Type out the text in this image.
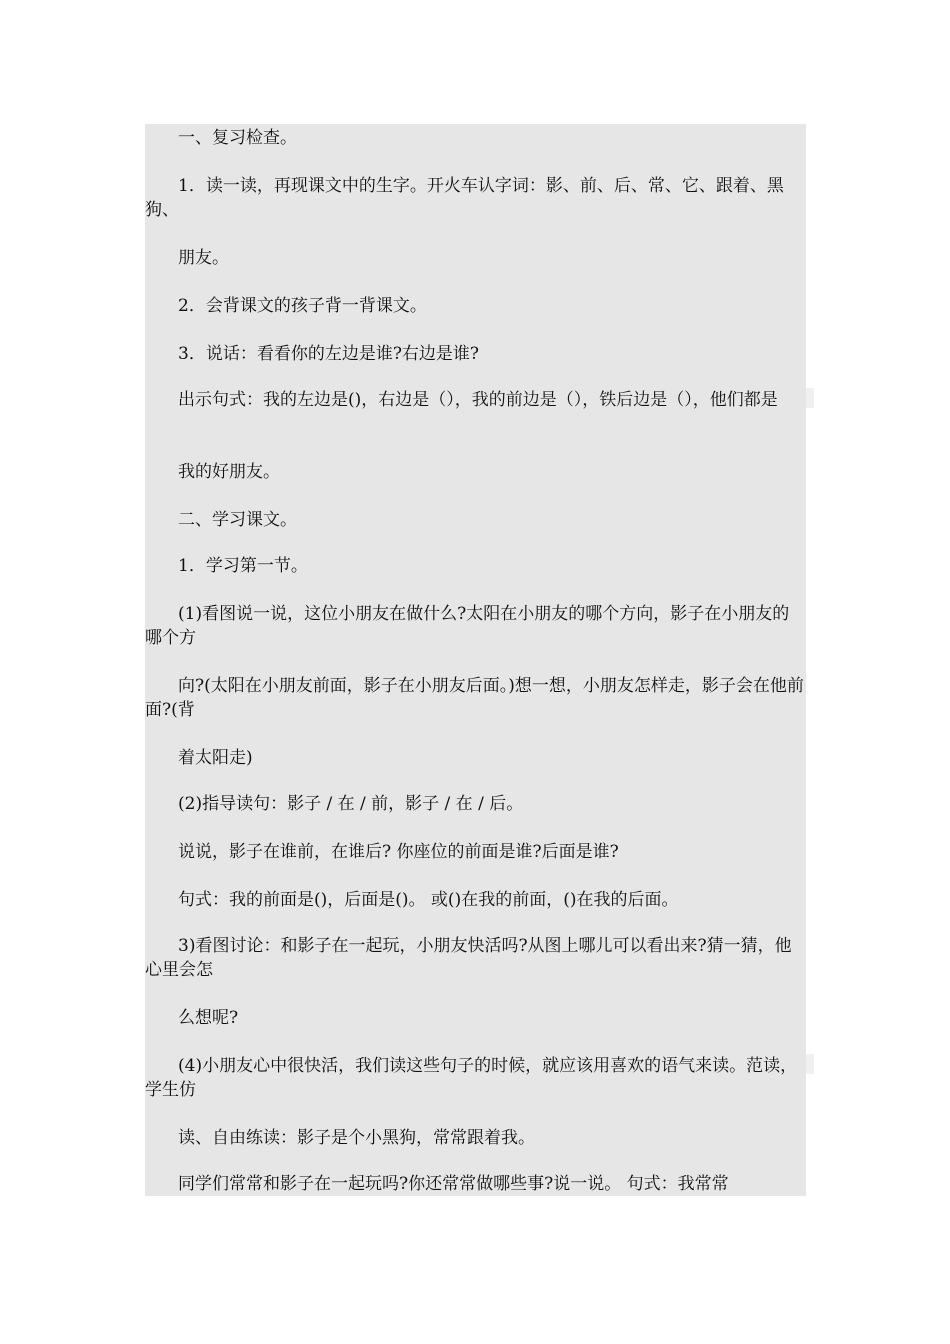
一、复习检查。
1．读一读，再现课文中的生字。开火车认字词：影、前、后、常、它、跟着、黑狗、
朋友。
2．会背课文的孩子背一背课文。
3．说话：看看你的左边是谁?右边是谁?
出示句式：我的左边是()，右边是（），我的前边是（），铁后边是（），他们都是
我的好朋友。
二、学习课文。
1．学习第一节。
(1)看图说一说，这位小朋友在做什么?太阳在小朋友的哪个方向，影子在小朋友的哪个方
向?(太阳在小朋友前面，影子在小朋友后面。)想一想，小朋友怎样走，影子会在他前面?(背
着太阳走)
(2)指导读句：影子 / 在 / 前，影子 / 在 / 后。
说说，影子在谁前，在谁后? 你座位的前面是谁?后面是谁?
句式：我的前面是()，后面是()。 或()在我的前面，()在我的后面。
3)看图讨论：和影子在一起玩，小朋友快活吗?从图上哪儿可以看出来?猜一猜，他心里会怎
么想呢?
(4)小朋友心中很快活，我们读这些句子的时候，就应该用喜欢的语气来读。范读，学生仿
读、自由练读：影子是个小黑狗，常常跟着我。
同学们常常和影子在一起玩吗?你还常常做哪些事?说一说。 句式：我常常
